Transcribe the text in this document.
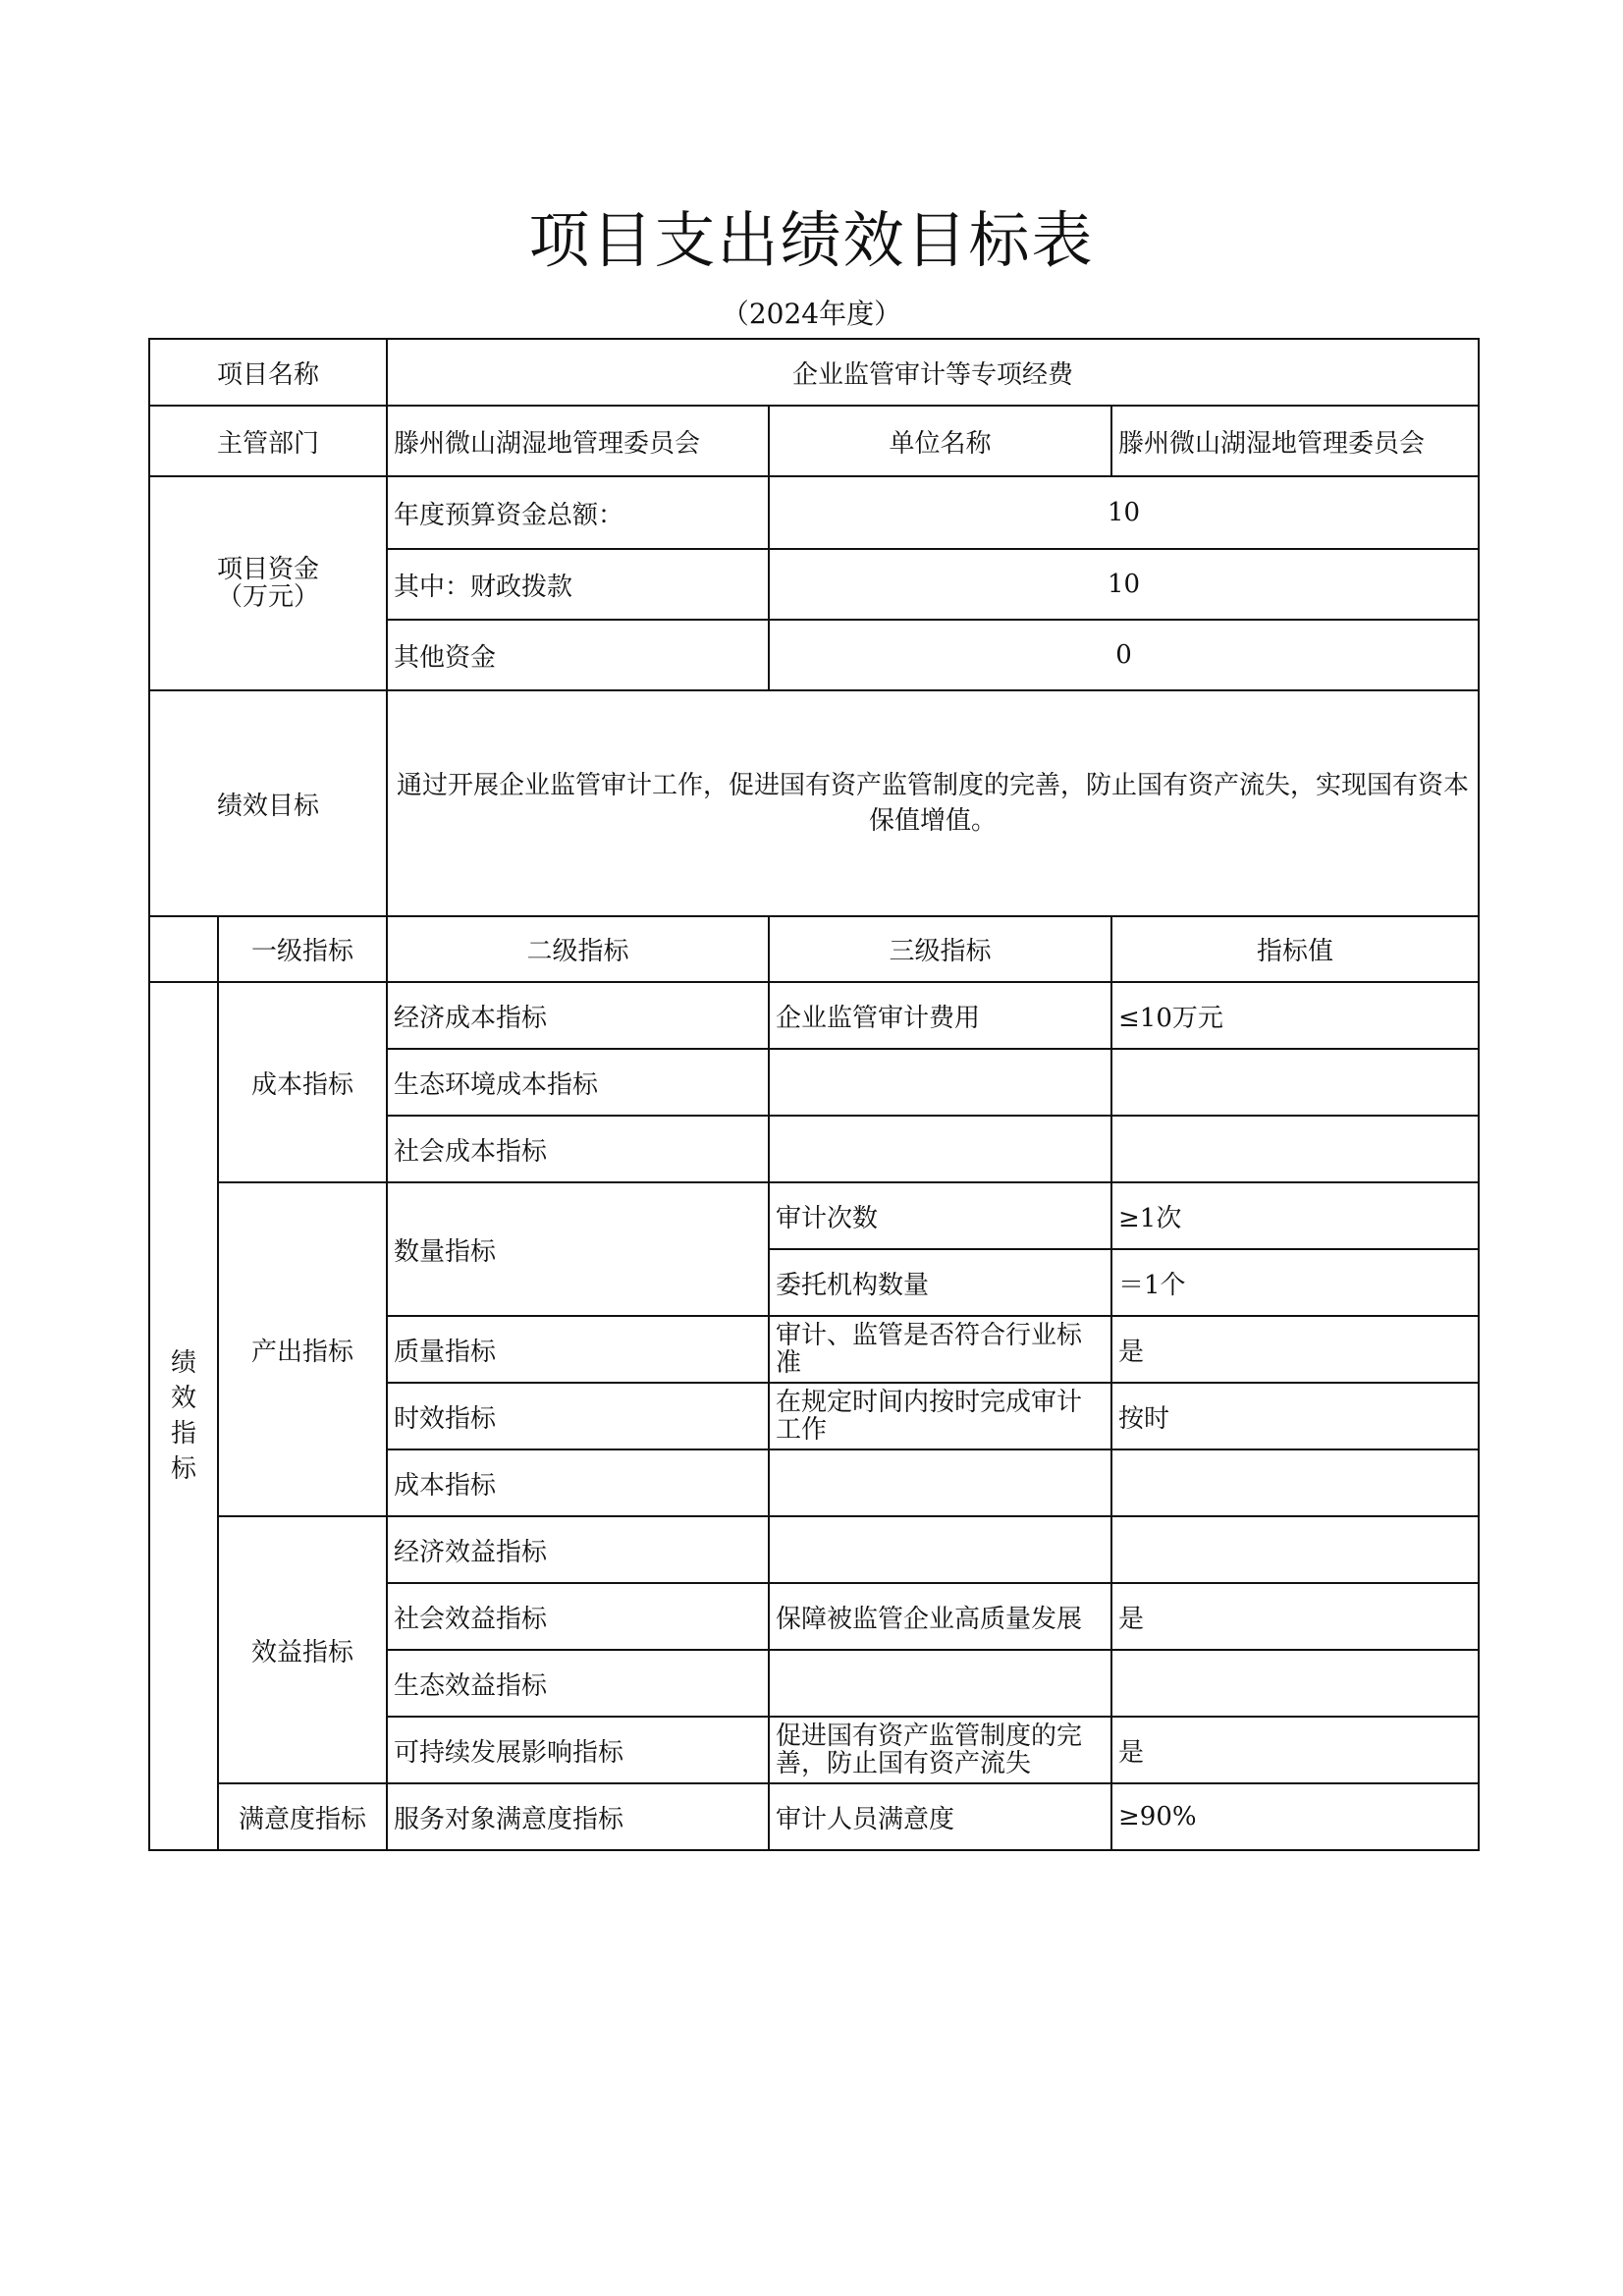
项目支出绩效目标表
（2024年度）
项目名称		企业监管审计等专项经费		
主管部门		滕州微山湖湿地管理委员会	单位名称	滕州微山湖湿地管理委员会

项目资金
（万元）		年度预算资金总额：	10	
		其中：财政拨款	10	
		其他资金	0	
绩效目标		通过开展企业监管审计工作，促进国有资产监管制度的完善，防止国有资产流失，实现国有资本保值增值。		
	一级指标	二级指标	三级指标	指标值

绩
效
指
标	成本指标	经济成本指标	企业监管审计费用	≤10万元
		生态环境成本指标		
		社会成本指标		
	产出指标	数量指标	审计次数	≥1次
			委托机构数量	＝1个
		质量指标	审计、监管是否符合行业标准	是
		时效指标	在规定时间内按时完成审计工作	按时
		成本指标		
	效益指标	经济效益指标		
		社会效益指标	保障被监管企业高质量发展	是
		生态效益指标		
		可持续发展影响指标	促进国有资产监管制度的完善，防止国有资产流失	是
	满意度指标	服务对象满意度指标	审计人员满意度	≥90%
